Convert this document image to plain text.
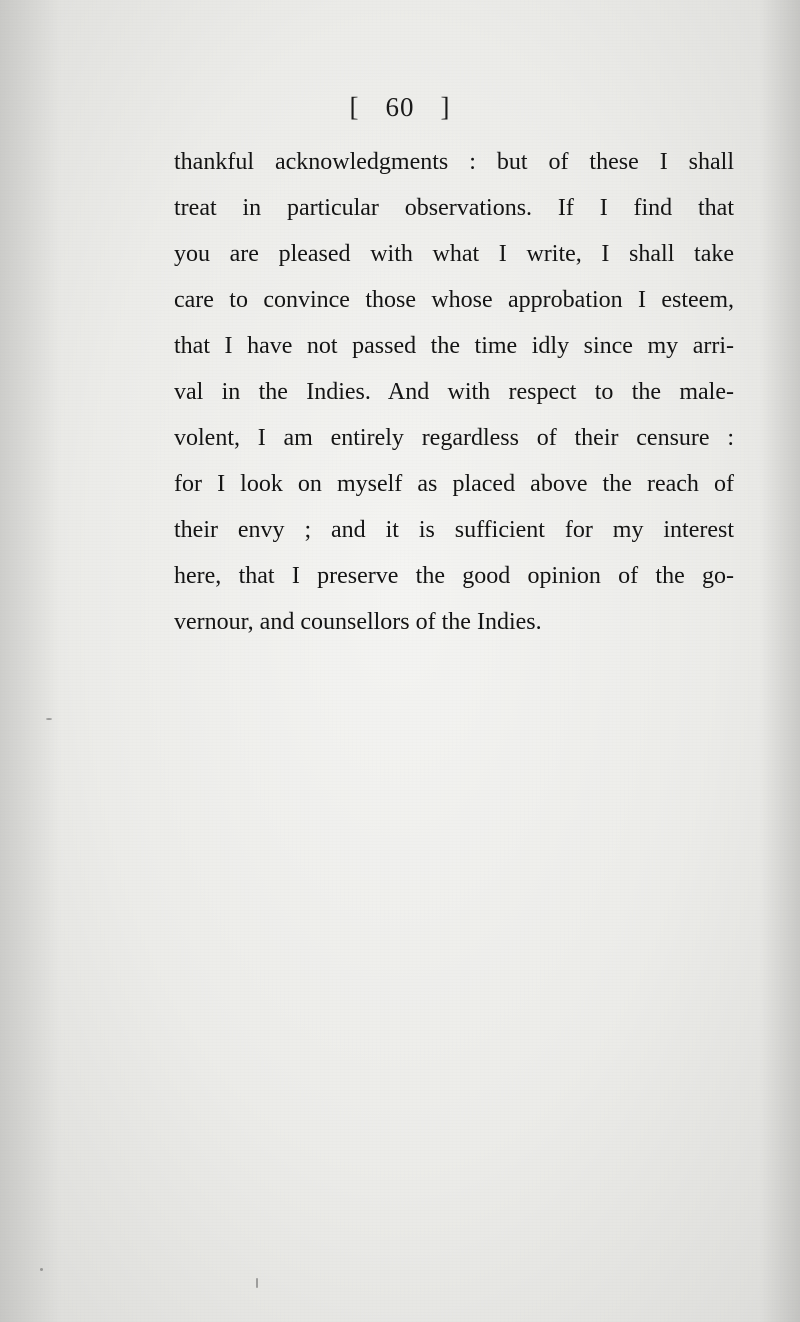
[ 60 ]
thankful acknowledgments : but of these I shall
treat in particular observations. If I find that
you are pleased with what I write, I shall take
care to convince those whose approbation I esteem,
that I have not passed the time idly since my arri-
val in the Indies. And with respect to the male-
volent, I am entirely regardless of their censure :
for I look on myself as placed above the reach of
their envy ; and it is sufficient for my interest
here, that I preserve the good opinion of the go-
vernour, and counsellors of the Indies.
